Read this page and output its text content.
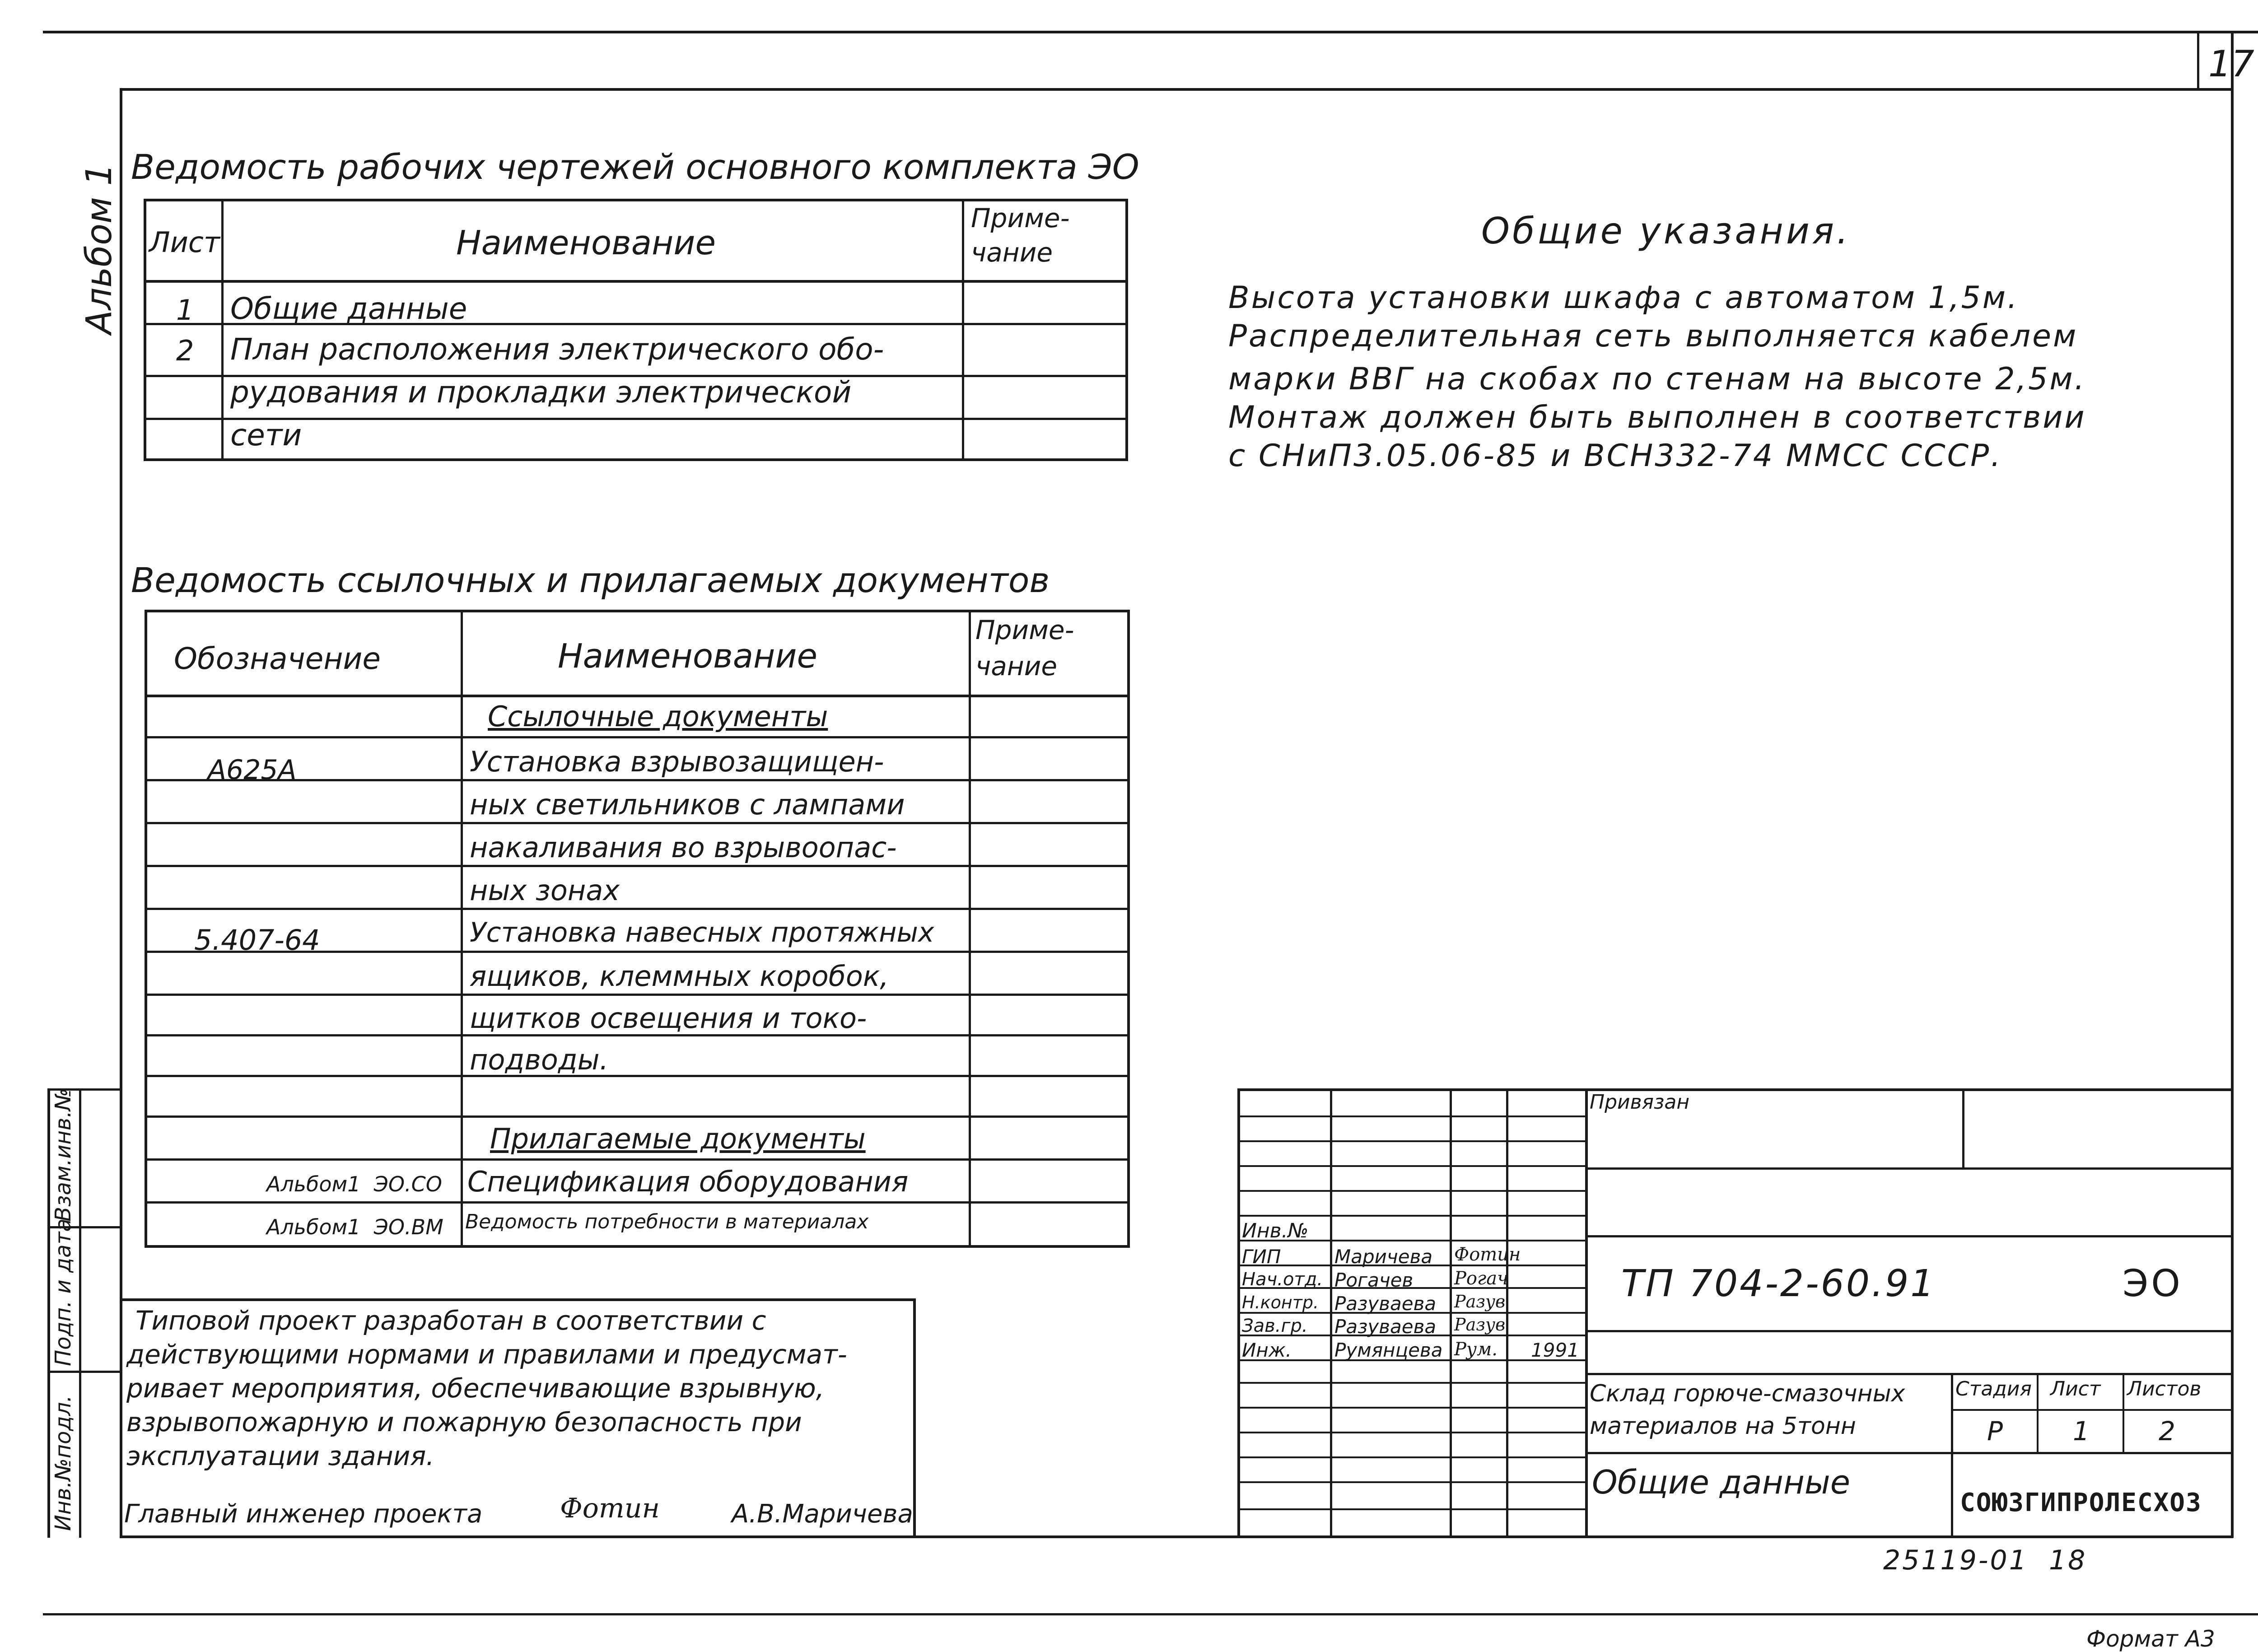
17
Альбом 1
Взам.инв.№
Подп. и дата
Инв.№подл.
Ведомость рабочих чертежей основного комплекта ЭО
Лист	Наименование
Приме-
чание
1 Общие данные
2 План расположения электрического обо-
рудования и прокладки электрической
сети
Ведомость ссылочных и прилагаемых документов
Обозначение	Наименование
Приме-
чание
Ссылочные документы
А625А	Установка взрывозащищен-
ных светильников с лампами
накаливания во взрывоопас-
ных зонах
5.407-64	Установка навесных протяжных
ящиков, клеммных коробок,
щитков освещения и токо-
подводы.
Прилагаемые документы
Альбом1  ЭО.СО Спецификация оборудования
Альбом1  ЭО.ВМ Ведомость потребности в материалах
Общие указания.
Высота установки шкафа с автоматом 1,5м.
Распределительная сеть выполняется кабелем
марки ВВГ на скобах по стенам на высоте 2,5м.
Монтаж должен быть выполнен в соответствии
с СНиП3.05.06-85 и ВСН332-74 ММСС СССР.
Типовой проект разработан в соответствии с
действующими нормами и правилами и предусмат-
ривает мероприятия, обеспечивающие взрывную,
взрывопожарную и пожарную безопасность при
эксплуатации здания.
Главный инженер проекта	Фотин	А.В.Маричева
Привязан
Инв.№
ГИП	Маричева Фотин
Нач.отд. Рогачев Рогач
Н.контр. Разуваева Разув
Зав.гр. Разуваева Разув
Инж. Румянцева Рум. 1991
ТП 704-2-60.91	ЭО
Склад горюче-смазочных материалов на 5тонн
Стадия Лист Листов
Р	1	2
Общие данные
СОЮЗГИПРОЛЕСХОЗ
25119-01  18
Формат А3
